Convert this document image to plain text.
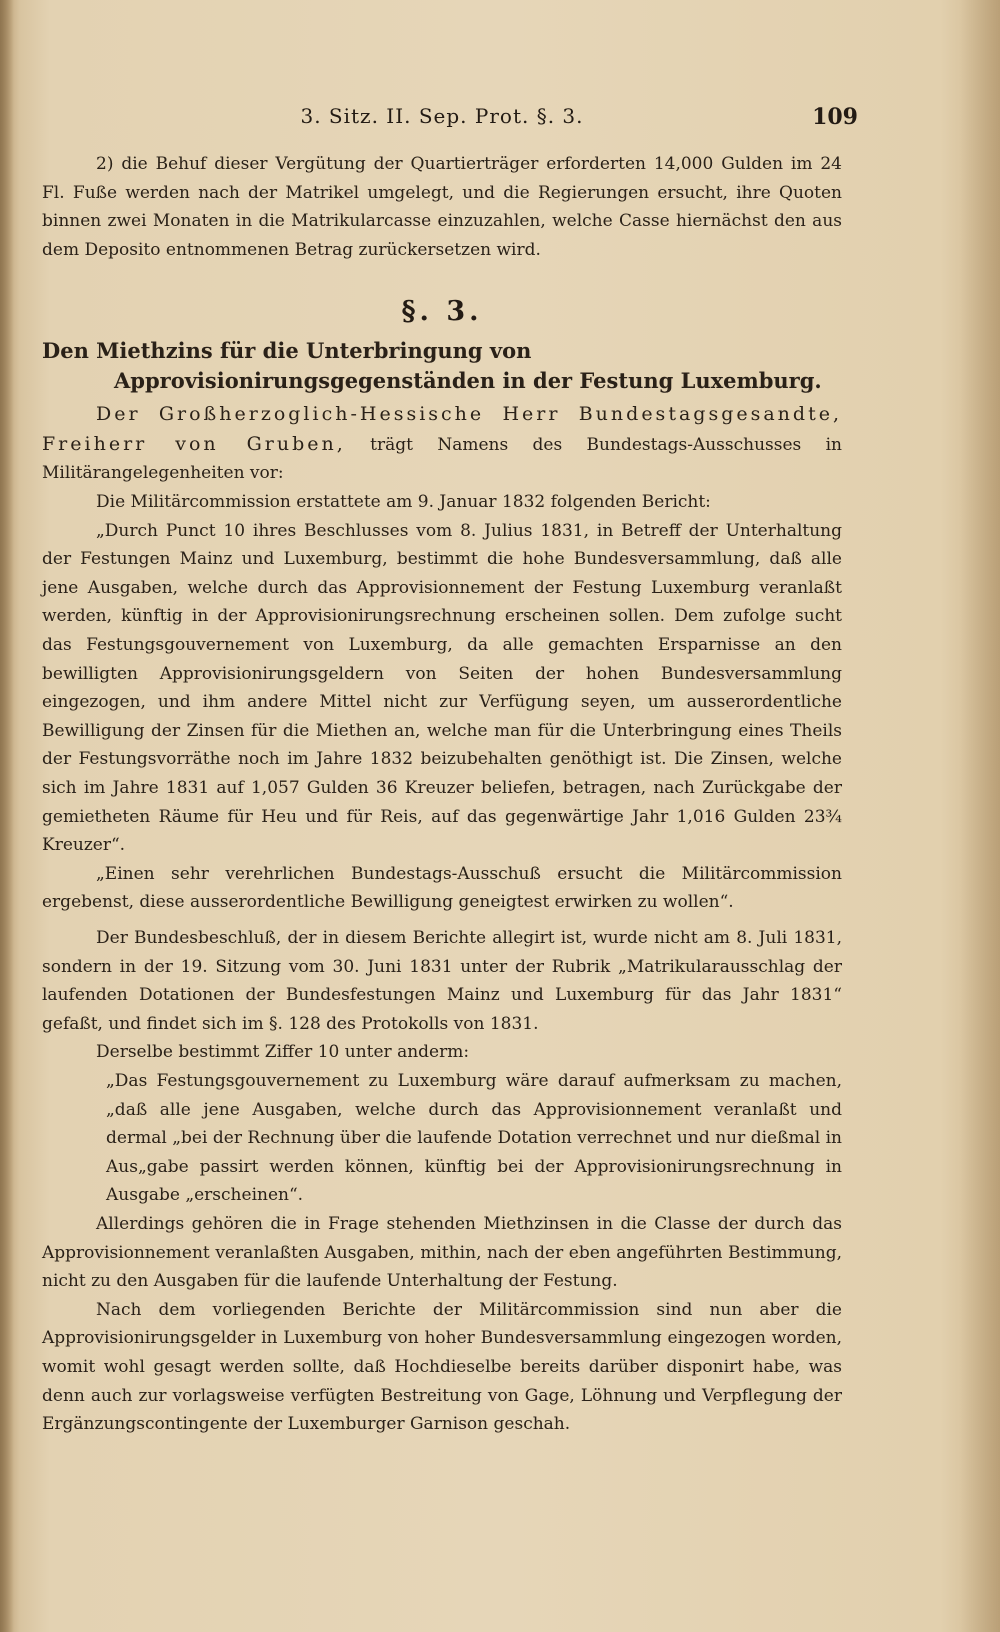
3. Sitz. II. Sep. Prot. §. 3.	109

2) die Behuf dieser Vergütung der Quartierträger erforderten 14,000 Gulden im 24 Fl. Fuße werden nach der Matrikel umgelegt, und die Regierungen ersucht, ihre Quoten binnen zwei Monaten in die Matrikularcasse einzuzahlen, welche Casse hiernächst den aus dem Deposito entnommenen Betrag zurückersetzen wird.

§. 3.

Den Miethzins für die Unterbringung von Approvisionirungsgegenständen in der Festung Luxemburg.

Der Großherzoglich-Hessische Herr Bundestagsgesandte, Freiherr von Gruben, trägt Namens des Bundestags-Ausschusses in Militärangelegenheiten vor:

Die Militärcommission erstattete am 9. Januar 1832 folgenden Bericht:

„Durch Punct 10 ihres Beschlusses vom 8. Julius 1831, in Betreff der Unterhaltung der Festungen Mainz und Luxemburg, bestimmt die hohe Bundesversammlung, daß alle jene Ausgaben, welche durch das Approvisionnement der Festung Luxemburg veranlaßt werden, künftig in der Approvisionirungsrechnung erscheinen sollen. Dem zufolge sucht das Festungsgouvernement von Luxemburg, da alle gemachten Ersparnisse an den bewilligten Approvisionirungsgeldern von Seiten der hohen Bundesversammlung eingezogen, und ihm andere Mittel nicht zur Verfügung seyen, um ausserordentliche Bewilligung der Zinsen für die Miethen an, welche man für die Unterbringung eines Theils der Festungsvorräthe noch im Jahre 1832 beizubehalten genöthigt ist. Die Zinsen, welche sich im Jahre 1831 auf 1,057 Gulden 36 Kreuzer beliefen, betragen, nach Zurückgabe der gemietheten Räume für Heu und für Reis, auf das gegenwärtige Jahr 1,016 Gulden 23¾ Kreuzer“.

„Einen sehr verehrlichen Bundestags-Ausschuß ersucht die Militärcommission ergebenst, diese ausserordentliche Bewilligung geneigtest erwirken zu wollen“.

Der Bundesbeschluß, der in diesem Berichte allegirt ist, wurde nicht am 8. Juli 1831, sondern in der 19. Sitzung vom 30. Juni 1831 unter der Rubrik „Matrikularausschlag der laufenden Dotationen der Bundesfestungen Mainz und Luxemburg für das Jahr 1831“ gefaßt, und findet sich im §. 128 des Protokolls von 1831.

Derselbe bestimmt Ziffer 10 unter anderm:

„Das Festungsgouvernement zu Luxemburg wäre darauf aufmerksam zu machen, „daß alle jene Ausgaben, welche durch das Approvisionnement veranlaßt und dermal „bei der Rechnung über die laufende Dotation verrechnet und nur dießmal in Aus„gabe passirt werden können, künftig bei der Approvisionirungsrechnung in Ausgabe „erscheinen“.

Allerdings gehören die in Frage stehenden Miethzinsen in die Classe der durch das Approvisionnement veranlaßten Ausgaben, mithin, nach der eben angeführten Bestimmung, nicht zu den Ausgaben für die laufende Unterhaltung der Festung.

Nach dem vorliegenden Berichte der Militärcommission sind nun aber die Approvisionirungsgelder in Luxemburg von hoher Bundesversammlung eingezogen worden, womit wohl gesagt werden sollte, daß Hochdieselbe bereits darüber disponirt habe, was denn auch zur vorlagsweise verfügten Bestreitung von Gage, Löhnung und Verpflegung der Ergänzungscontingente der Luxemburger Garnison geschah.
